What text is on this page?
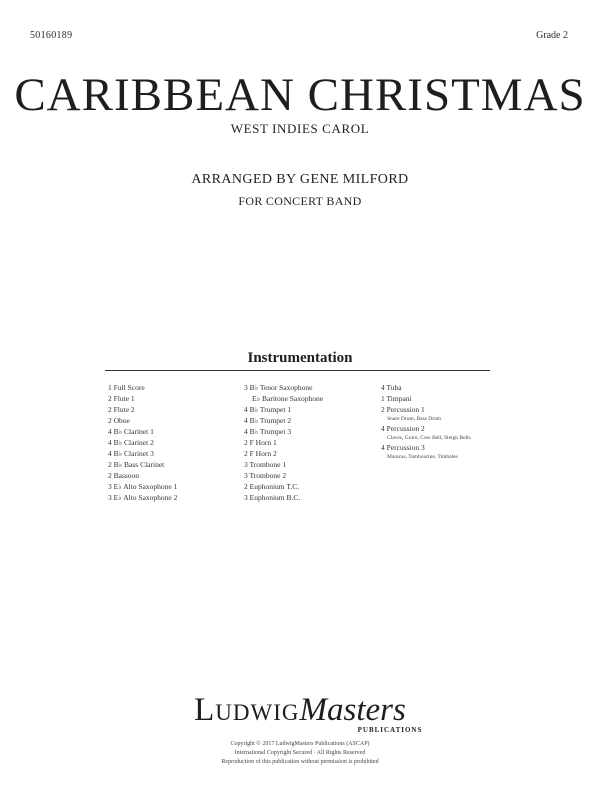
50160189	Grade 2
CARIBBEAN CHRISTMAS
WEST INDIES CAROL
ARRANGED BY GENE MILFORD
FOR CONCERT BAND
Instrumentation
1 Full Score
2 Flute 1
2 Flute 2
2 Oboe
4 B♭ Clarinet 1
4 B♭ Clarinet 2
4 B♭ Clarinet 3
2 B♭ Bass Clarinet
2 Bassoon
3 E♭ Alto Saxophone 1
3 E♭ Alto Saxophone 2
3 B♭ Tenor Saxophone
E♭ Baritone Saxophone
4 B♭ Trumpet 1
4 B♭ Trumpet 2
4 B♭ Trumpet 3
2 F Horn 1
2 F Horn 2
3 Trombone 1
3 Trombone 2
2 Euphonium T.C.
3 Euphonium B.C.
4 Tuba
1 Timpani
2 Percussion 1
Snare Drum, Bass Drum
4 Percussion 2
Claves, Guiro, Cow Bell, Sleigh Bells
4 Percussion 3
Maracas, Tambourine, Timbales
LudwigMasters
PUBLICATIONS
Copyright © 2017 LudwigMasters Publications (ASCAP)
International Copyright Secured · All Rights Reserved
Reproduction of this publication without permission is prohibited
